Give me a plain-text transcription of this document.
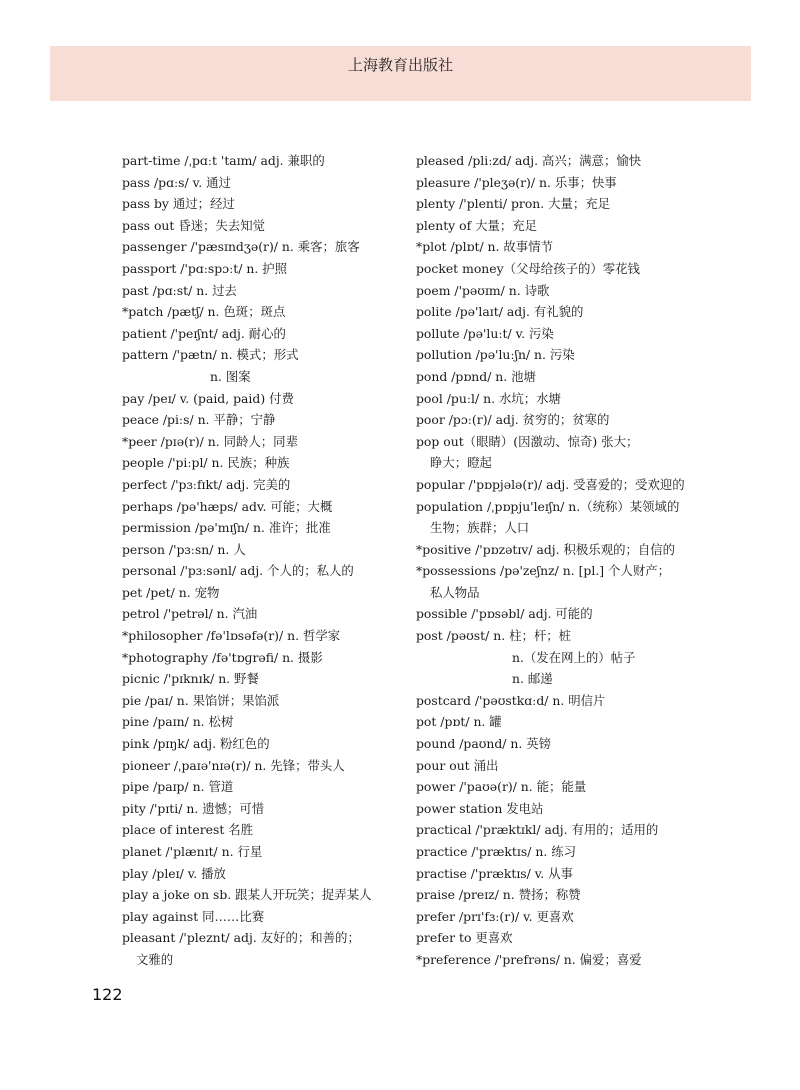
上海教育出版社
part-time /ˌpɑːt 'taɪm/ adj. 兼职的
pass /pɑːs/ v. 通过
pass by 通过；经过
pass out 昏迷；失去知觉
passenger /'pæsɪndʒə(r)/ n. 乘客；旅客
passport /'pɑːspɔːt/ n. 护照
past /pɑːst/ n. 过去
*patch /pætʃ/ n. 色斑；斑点
patient /'peɪʃnt/ adj. 耐心的
pattern /'pætn/ n. 模式；形式
n. 图案
pay /peɪ/ v. (paid, paid) 付费
peace /piːs/ n. 平静；宁静
*peer /pɪə(r)/ n. 同龄人；同辈
people /'piːpl/ n. 民族；种族
perfect /'pɜːfɪkt/ adj. 完美的
perhaps /pə'hæps/ adv. 可能；大概
permission /pə'mɪʃn/ n. 准许；批准
person /'pɜːsn/ n. 人
personal /'pɜːsənl/ adj. 个人的；私人的
pet /pet/ n. 宠物
petrol /'petrəl/ n. 汽油
*philosopher /fə'lɒsəfə(r)/ n. 哲学家
*photography /fə'tɒɡrəfi/ n. 摄影
picnic /'pɪknɪk/ n. 野餐
pie /paɪ/ n. 果馅饼；果馅派
pine /paɪn/ n. 松树
pink /pɪŋk/ adj. 粉红色的
pioneer /ˌpaɪə'nɪə(r)/ n. 先锋；带头人
pipe /paɪp/ n. 管道
pity /'pɪti/ n. 遗憾；可惜
place of interest 名胜
planet /'plænɪt/ n. 行星
play /pleɪ/ v. 播放
play a joke on sb. 跟某人开玩笑；捉弄某人
play against 同……比赛
pleasant /'pleznt/ adj. 友好的；和善的；
文雅的
pleased /pliːzd/ adj. 高兴；满意；愉快
pleasure /'pleʒə(r)/ n. 乐事；快事
plenty /'plenti/ pron. 大量；充足
plenty of 大量；充足
*plot /plɒt/ n. 故事情节
pocket money（父母给孩子的）零花钱
poem /'pəʊɪm/ n. 诗歌
polite /pə'laɪt/ adj. 有礼貌的
pollute /pə'luːt/ v. 污染
pollution /pə'luːʃn/ n. 污染
pond /pɒnd/ n. 池塘
pool /puːl/ n. 水坑；水塘
poor /pɔː(r)/ adj. 贫穷的；贫寒的
pop out（眼睛）(因激动、惊奇) 张大；
睁大；瞪起
popular /'pɒpjələ(r)/ adj. 受喜爱的；受欢迎的
population /ˌpɒpju'leɪʃn/ n.（统称）某领域的
生物；族群；人口
*positive /'pɒzətɪv/ adj. 积极乐观的；自信的
*possessions /pə'zeʃnz/ n. [pl.] 个人财产；
私人物品
possible /'pɒsəbl/ adj. 可能的
post /pəʊst/ n. 柱；杆；桩
n.（发在网上的）帖子
n. 邮递
postcard /'pəʊstkɑːd/ n. 明信片
pot /pɒt/ n. 罐
pound /paʊnd/ n. 英镑
pour out 涌出
power /'paʊə(r)/ n. 能；能量
power station 发电站
practical /'præktɪkl/ adj. 有用的；适用的
practice /'præktɪs/ n. 练习
practise /'præktɪs/ v. 从事
praise /preɪz/ n. 赞扬；称赞
prefer /prɪ'fɜː(r)/ v. 更喜欢
prefer to 更喜欢
*preference /'prefrəns/ n. 偏爱；喜爱
122
